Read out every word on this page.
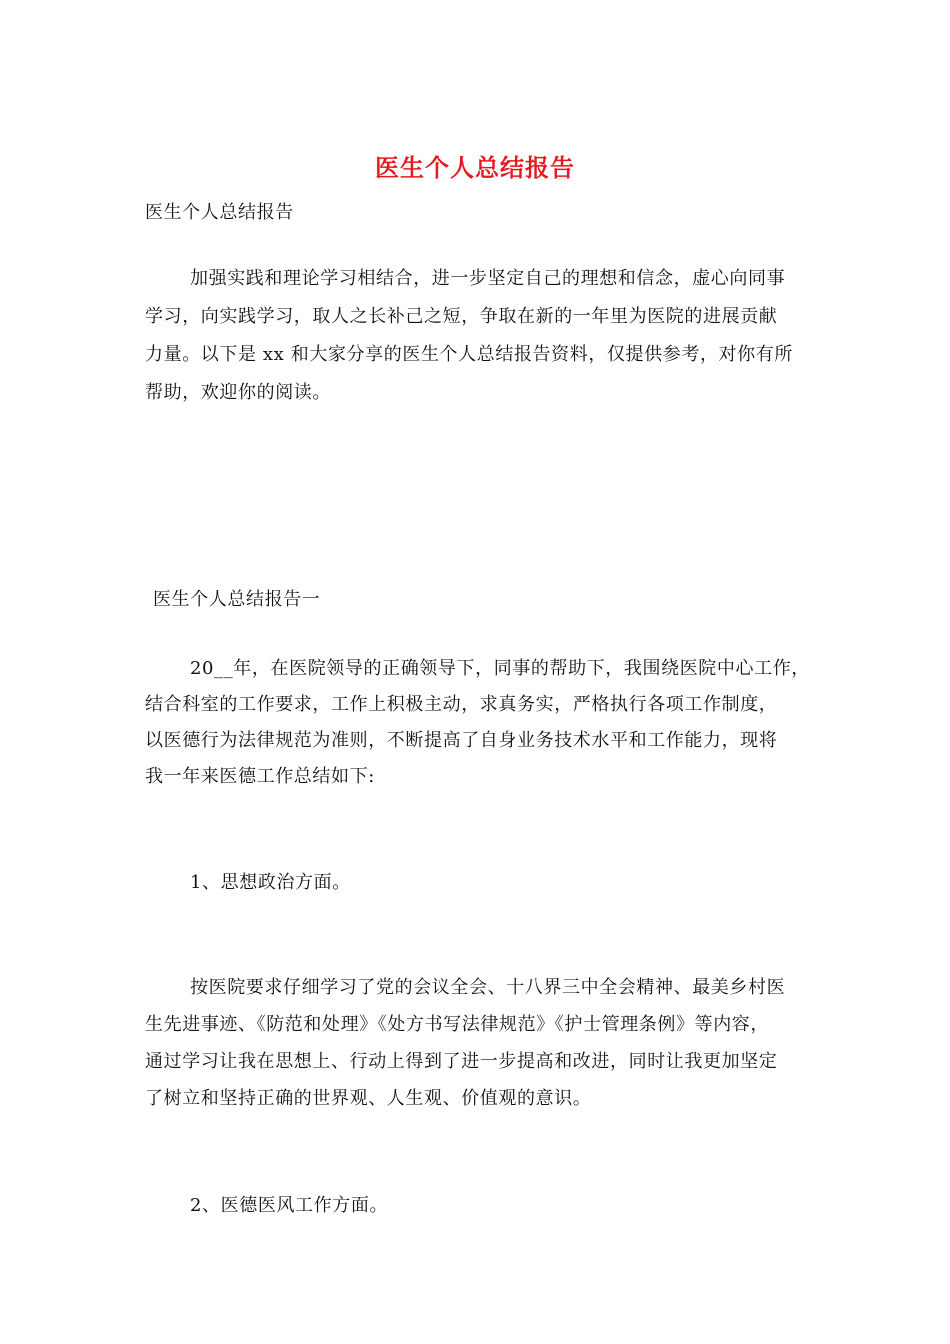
医生个人总结报告
医生个人总结报告
加强实践和理论学习相结合，进一步坚定自己的理想和信念，虚心向同事
学习，向实践学习，取人之长补己之短，争取在新的一年里为医院的进展贡献
力量。以下是 xx 和大家分享的医生个人总结报告资料，仅提供参考，对你有所
帮助，欢迎你的阅读。
医生个人总结报告一
20__年，在医院领导的正确领导下，同事的帮助下，我围绕医院中心工作，
结合科室的工作要求，工作上积极主动，求真务实，严格执行各项工作制度，
以医德行为法律规范为准则，不断提高了自身业务技术水平和工作能力，现将
我一年来医德工作总结如下:
1、思想政治方面。
按医院要求仔细学习了党的会议全会、十八界三中全会精神、最美乡村医
生先进事迹、《防范和处理》《处方书写法律规范》《护士管理条例》等内容，
通过学习让我在思想上、行动上得到了进一步提高和改进，同时让我更加坚定
了树立和坚持正确的世界观、人生观、价值观的意识。
2、医德医风工作方面。
